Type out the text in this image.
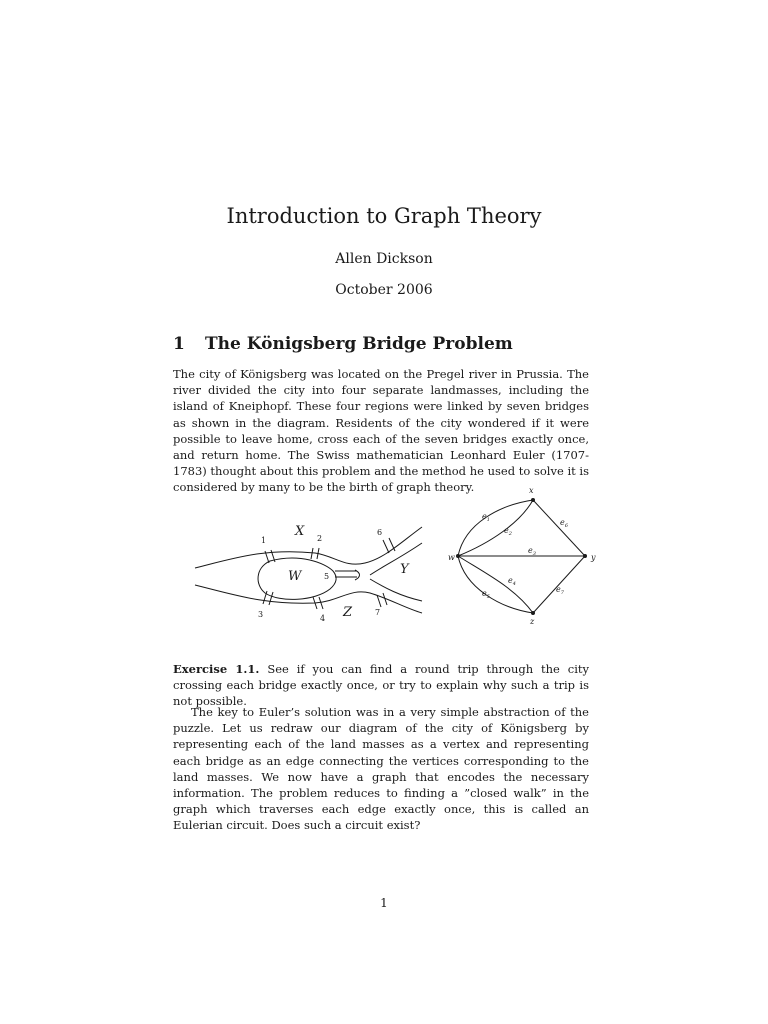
Introduction to Graph Theory
Allen Dickson
October 2006
1 The Königsberg Bridge Problem

The city of Königsberg was located on the Pregel river in Prussia. The river divided the city into four separate landmasses, including the island of Kneiphopf. These four regions were linked by seven bridges as shown in the diagram. Residents of the city wondered if it were possible to leave home, cross each of the seven bridges exactly once, and return home. The Swiss mathematician Leonhard Euler (1707-1783) thought about this problem and the method he used to solve it is considered by many to be the birth of graph theory.

X
W	Y
Z
1	2
3	4
5
6
7
x
w	y
z
$e_1$
$e_2$
$e_3$
$e_4$
$e_5$
$e_6$
$e_7$

Exercise 1.1. See if you can find a round trip through the city crossing each bridge exactly once, or try to explain why such a trip is not possible.

The key to Euler’s solution was in a very simple abstraction of the puzzle. Let us redraw our diagram of the city of Königsberg by representing each of the land masses as a vertex and representing each bridge as an edge connecting the vertices corresponding to the land masses. We now have a graph that encodes the necessary information. The problem reduces to finding a ”closed walk” in the graph which traverses each edge exactly once, this is called an Eulerian circuit. Does such a circuit exist?

1
